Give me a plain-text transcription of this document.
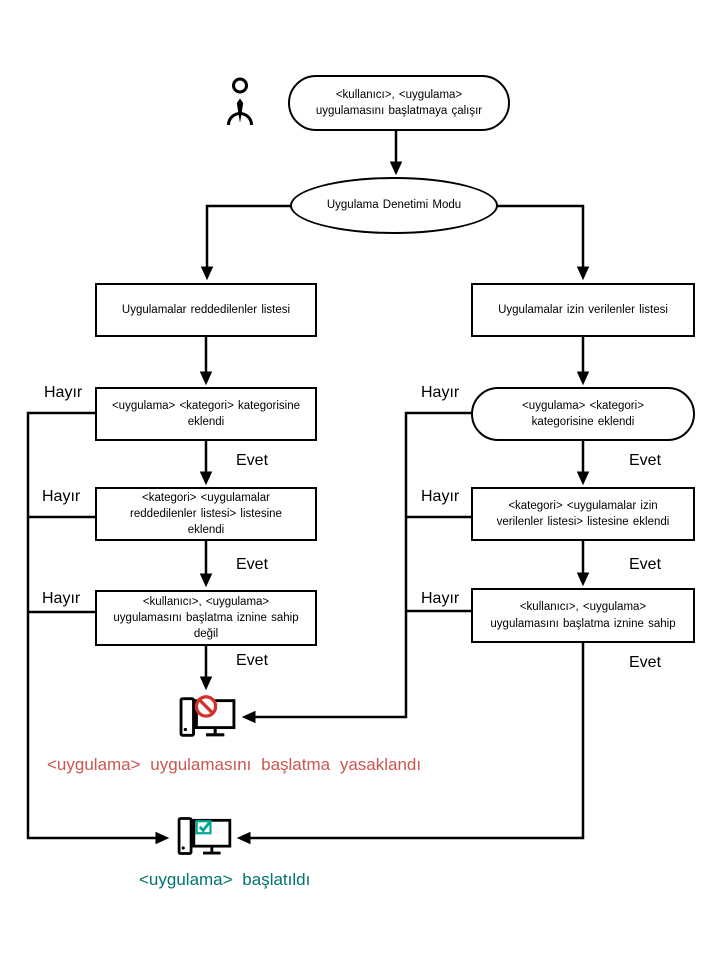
<kullanıcı>, <uygulama> uygulamasını başlatmaya çalışır
Uygulama Denetimi Modu
Uygulamalar reddedilenler listesi	Uygulamalar izin verilenler listesi
<uygulama> <kategori> kategorisine eklendi
<kategori> <uygulamalar reddedilenler listesi> listesine eklendi
<kullanıcı>, <uygulama> uygulamasını başlatma iznine sahip değil
<uygulama> <kategori> kategorisine eklendi
<kategori> <uygulamalar izin verilenler listesi> listesine eklendi
<kullanıcı>, <uygulama> uygulamasını başlatma iznine sahip
Hayır
Hayır
Hayır
Evet
Evet
Evet
Hayır
Hayır
Hayır
Evet
Evet
Evet
<uygulama> uygulamasını başlatma yasaklandı
<uygulama> başlatıldı
